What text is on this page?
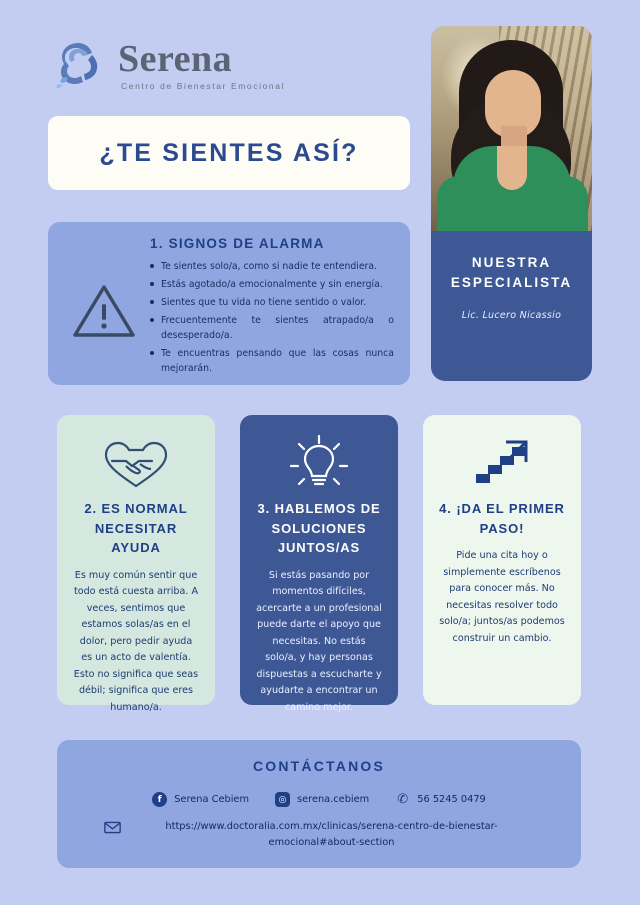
Serena
Centro de Bienestar Emocional
¿TE SIENTES ASÍ?
NUESTRA
ESPECIALISTA
Lic. Lucero Nicassio
1. SIGNOS DE ALARMA
Te sientes solo/a, como si nadie te entendiera.
Estás agotado/a emocionalmente y sin energía.
Sientes que tu vida no tiene sentido o valor.
Frecuentemente te sientes atrapado/a o desesperado/a.
Te encuentras pensando que las cosas nunca mejorarán.
2. ES NORMAL NECESITAR AYUDA

Es muy común sentir que todo está cuesta arriba. A veces, sentimos que estamos solas/as en el dolor, pero pedir ayuda es un acto de valentía. Esto no significa que seas débil; significa que eres humano/a.

3. HABLEMOS DE SOLUCIONES JUNTOS/AS

Si estás pasando por momentos difíciles, acercarte a un profesional puede darte el apoyo que necesitas. No estás solo/a, y hay personas dispuestas a escucharte y ayudarte a encontrar un camino mejor.

4. ¡DA EL PRIMER PASO!

Pide una cita hoy o simplemente escríbenos para conocer más. No necesitas resolver todo solo/a; juntos/as podemos construir un cambio.

CONTÁCTANOS
f	Serena Cebiem	◎	serena.cebiem ✆ 56 5245 0479
https://www.doctoralia.com.mx/clinicas/serena-centro-de-bienestar-emocional#about-section
